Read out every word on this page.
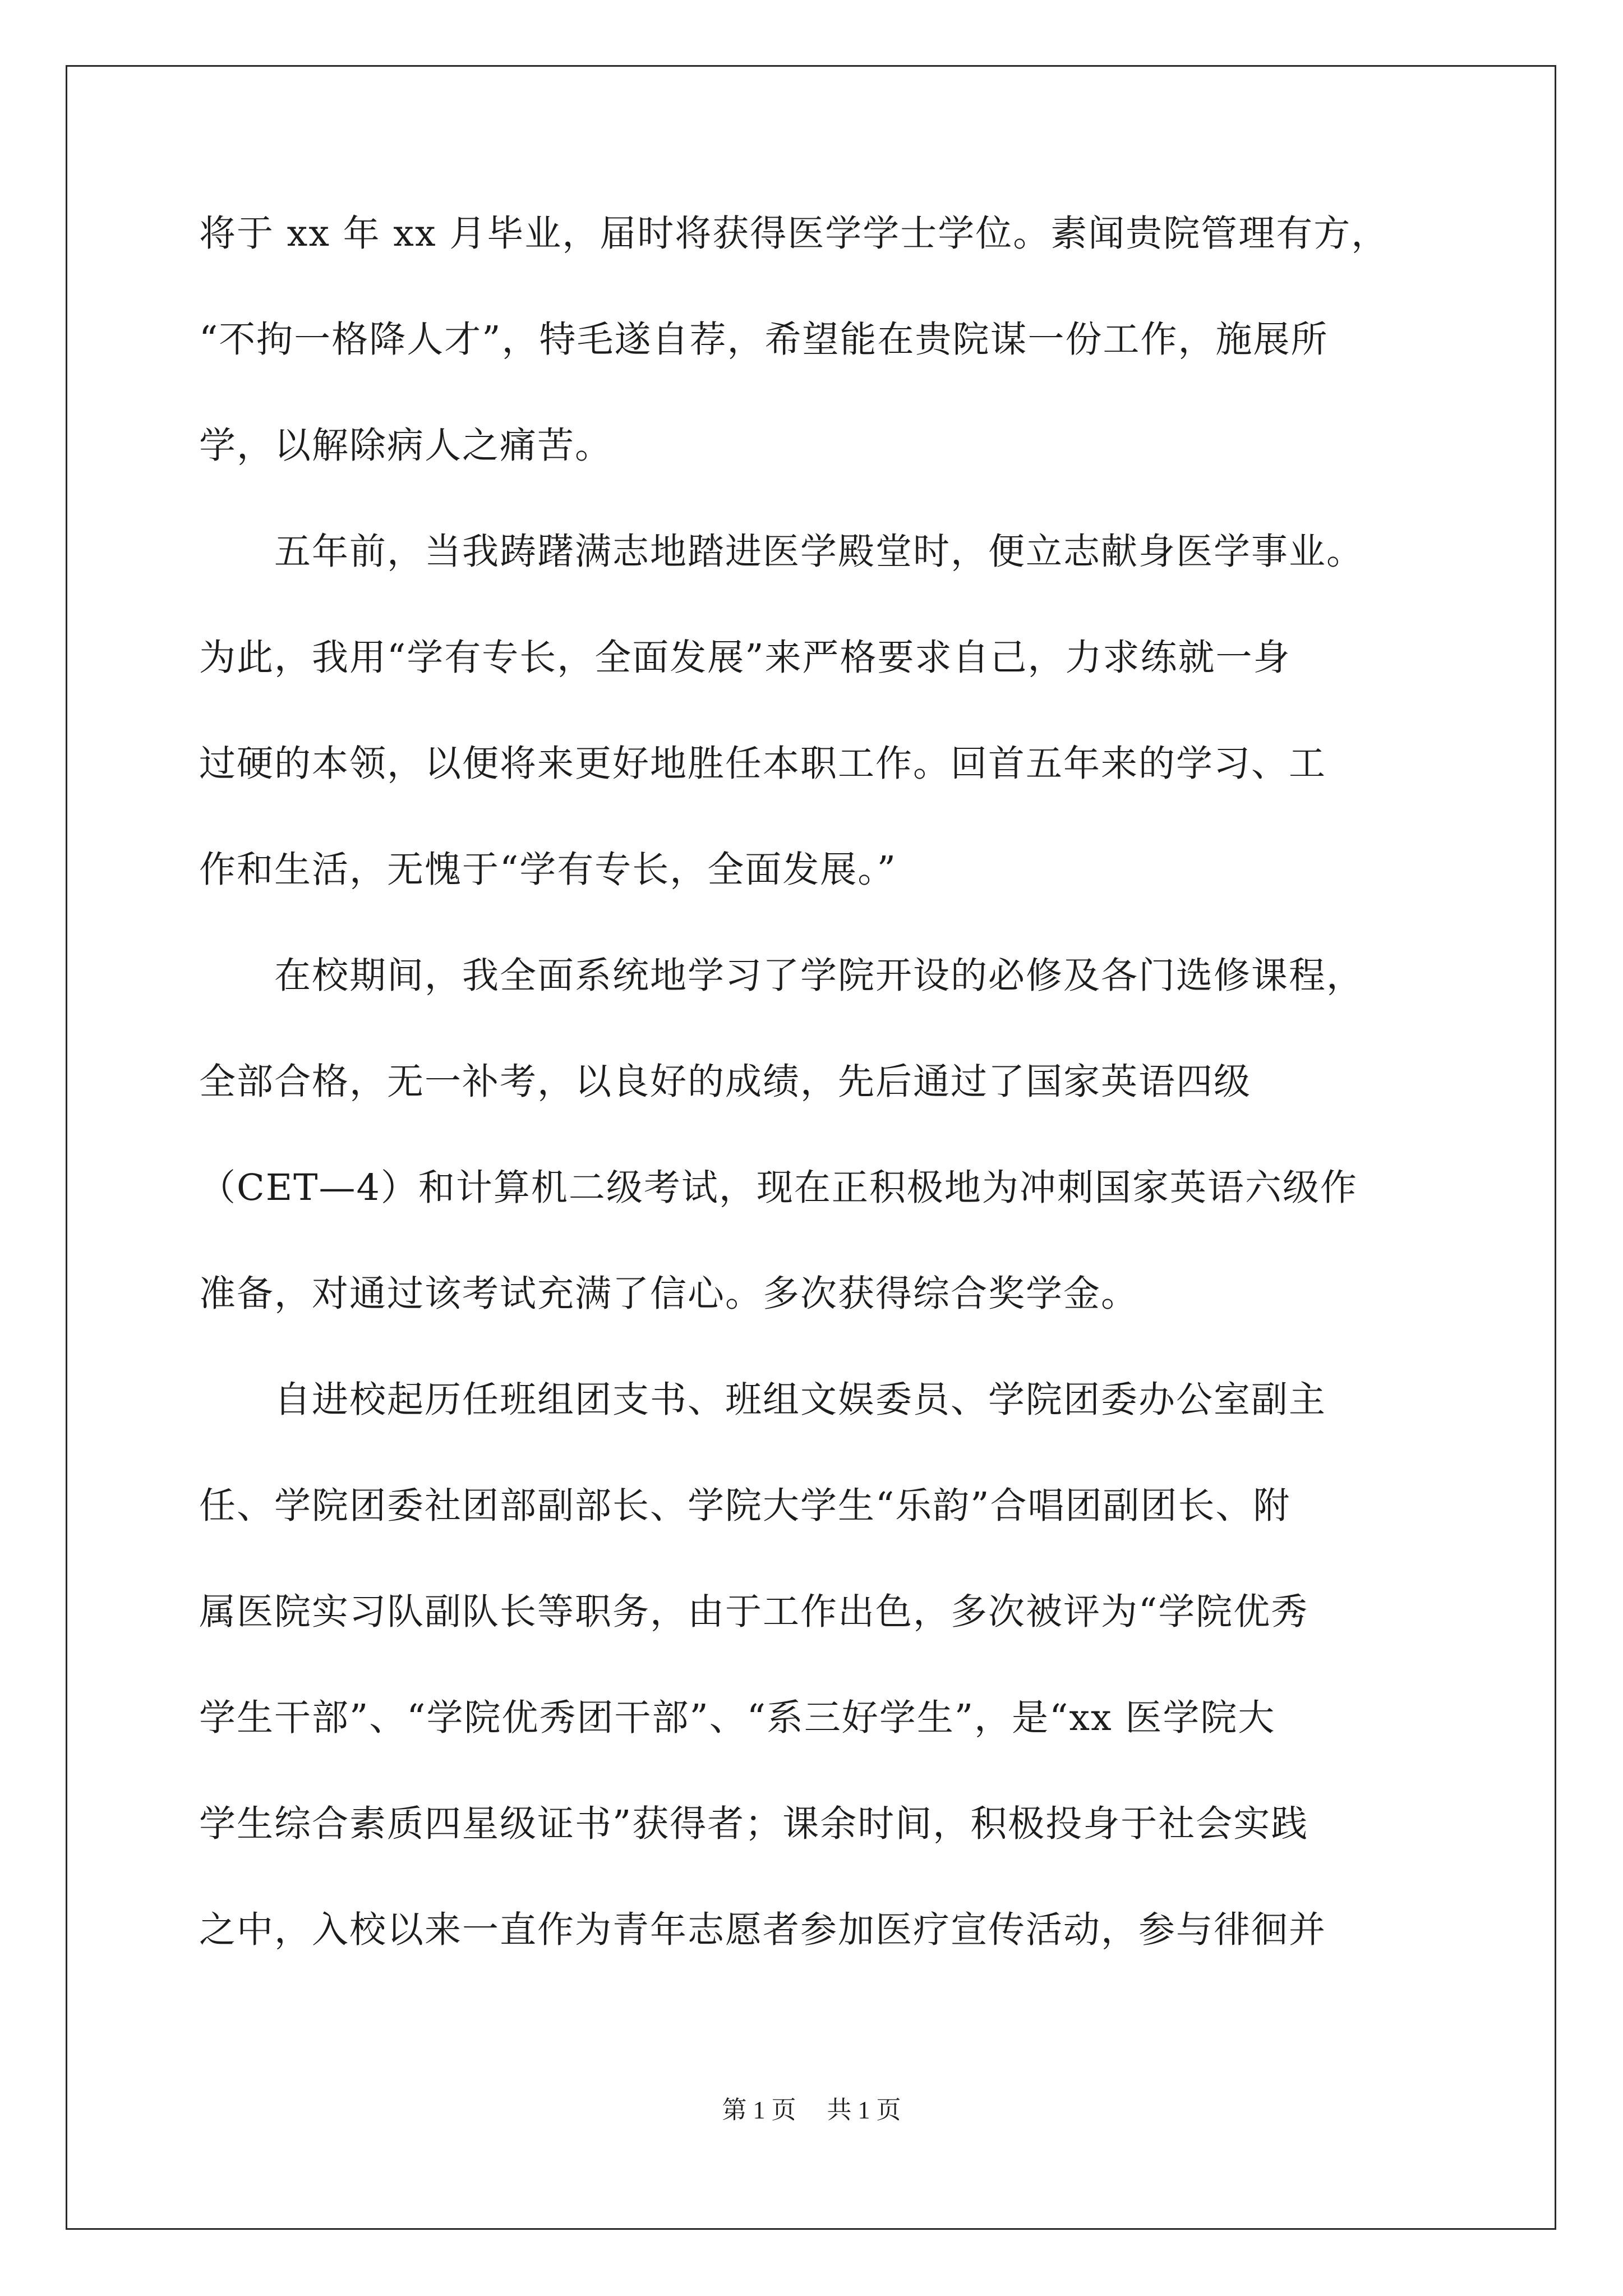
将于 xx 年 xx 月毕业，届时将获得医学学士学位。素闻贵院管理有方，
“不拘一格降人才”，特毛遂自荐，希望能在贵院谋一份工作，施展所
学，以解除病人之痛苦。
　　五年前，当我踌躇满志地踏进医学殿堂时，便立志献身医学事业。
为此，我用“学有专长，全面发展”来严格要求自己，力求练就一身
过硬的本领，以便将来更好地胜任本职工作。回首五年来的学习、工
作和生活，无愧于“学有专长，全面发展。”
　　在校期间，我全面系统地学习了学院开设的必修及各门选修课程，
全部合格，无一补考，以良好的成绩，先后通过了国家英语四级
（CET—4）和计算机二级考试，现在正积极地为冲刺国家英语六级作
准备，对通过该考试充满了信心。多次获得综合奖学金。
　　自进校起历任班组团支书、班组文娱委员、学院团委办公室副主
任、学院团委社团部副部长、学院大学生“乐韵”合唱团副团长、附
属医院实习队副队长等职务，由于工作出色，多次被评为“学院优秀
学生干部”、“学院优秀团干部”、“系三好学生”，是“xx 医学院大
学生综合素质四星级证书”获得者；课余时间，积极投身于社会实践
之中，入校以来一直作为青年志愿者参加医疗宣传活动，参与徘徊并
第 1 页　 共 1 页
